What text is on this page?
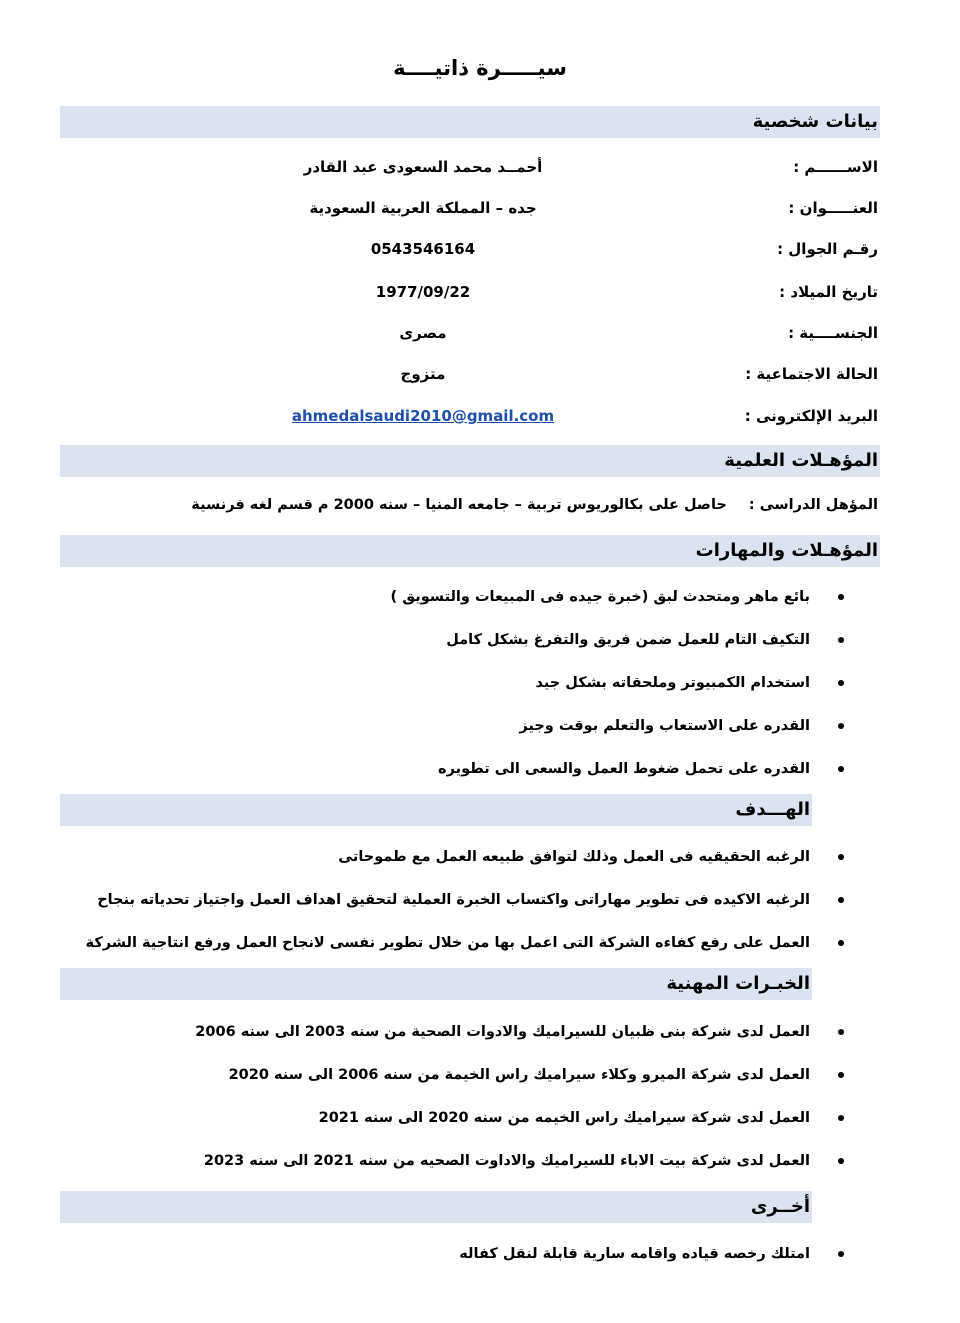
سيـــــرة ذاتيــــة
بيانات شخصية
الاســــــم :
أحمــد محمد السعودى عبد القادر
العنـــــوان :
جده – المملكة العربية السعودية
رقـم الجوال :
0543546164
تاريخ الميلاد :
1977/09/22
الجنســــية :
مصرى
الحالة الاجتماعية :
متزوج
البريد الإلكترونى :
ahmedalsaudi2010@gmail.com
المؤهـلات العلمية
المؤهل الدراسى :حاصل على بكالوريوس تربية – جامعه المنيا – سنه 2000 م قسم لغه فرنسية
المؤهـلات والمهارات
بائع ماهر ومتحدث لبق (خبرة جيده فى المبيعات والتسويق )
التكيف التام للعمل ضمن فريق والتفرغ بشكل كامل
استخدام الكمبيوتر وملحقاته بشكل جيد
القدره على الاستعاب والتعلم بوقت وجيز
القدره على تحمل ضغوط العمل والسعى الى تطويره
الهـــدف
الرغبه الحقيقيه فى العمل وذلك لتوافق طبيعه العمل مع طموحاتى
الرغبه الاكيده فى تطوير مهاراتى واكتساب الخبرة العملية لتحقيق اهداف العمل واجتياز تحدياته بنجاح
العمل على رفع كفاءه الشركة التى اعمل بها من خلال تطوير نفسى لانجاح العمل ورفع انتاجية الشركة
الخبـرات المهنية
العمل لدى شركة بنى ظبيان للسيراميك والادوات الصحية من سنه 2003 الى سنه 2006
العمل لدى شركة الميرو وكلاء سيراميك راس الخيمة من سنه 2006 الى سنه 2020
العمل لدى شركة سيراميك راس الخيمه من سنه 2020 الى سنه 2021
العمل لدى شركة بيت الاباء للسيراميك والاداوت الصحيه من سنه 2021 الى سنه 2023
أخــرى
امتلك رخصه قياده واقامه سارية قابلة لنقل كفاله
